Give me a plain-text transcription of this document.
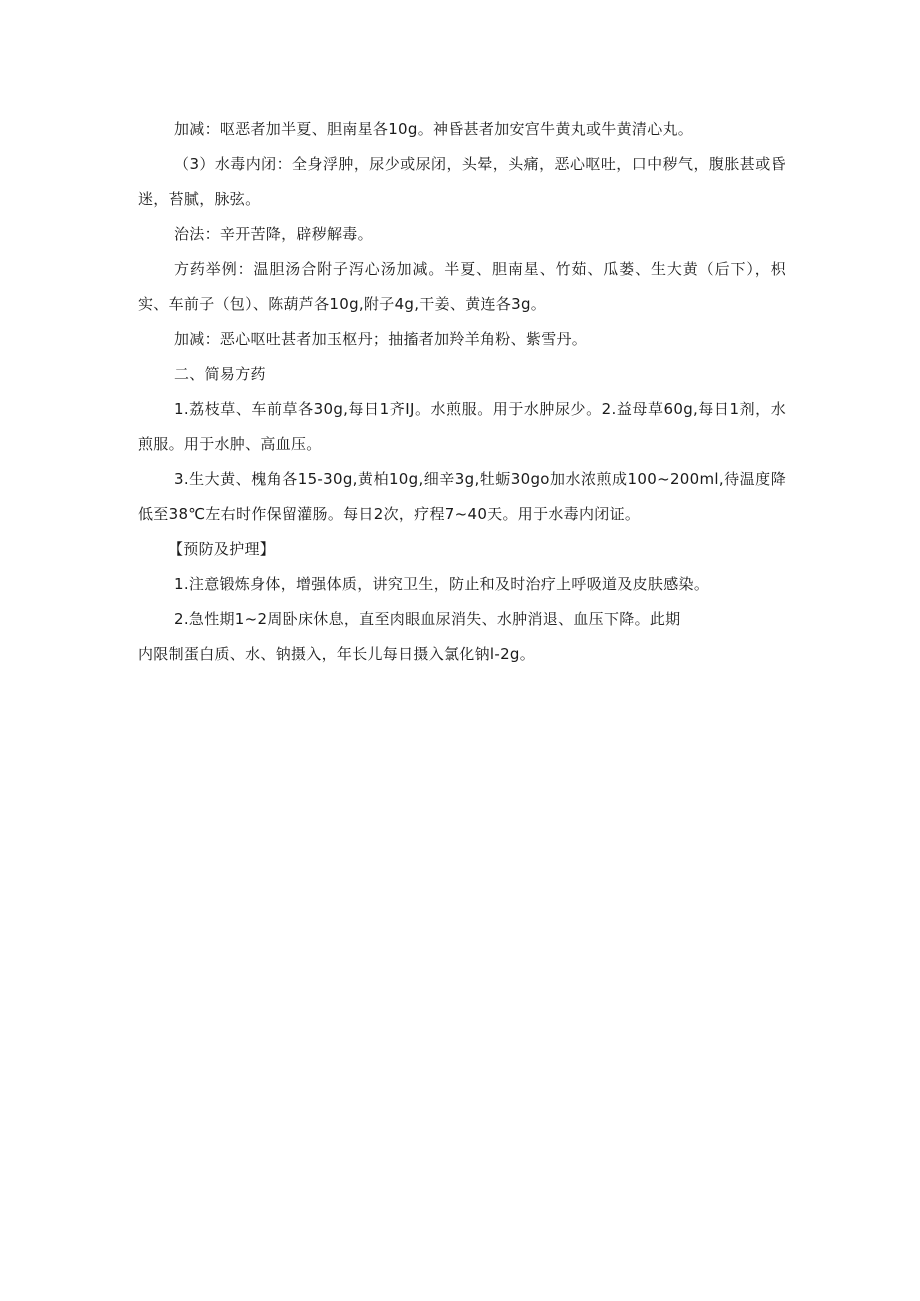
加减：呕恶者加半夏、胆南星各10g。神昏甚者加安宫牛黄丸或牛黄清心丸。

（3）水毒内闭：全身浮肿，尿少或尿闭，头晕，头痛，恶心呕吐，口中秽气，腹胀甚或昏迷，苔腻，脉弦。

治法：辛开苦降，辟秽解毒。

方药举例：温胆汤合附子泻心汤加减。半夏、胆南星、竹茹、瓜蒌、生大黄（后下），枳实、车前子（包）、陈葫芦各10g,附子4g,干姜、黄连各3g。

加减：恶心呕吐甚者加玉枢丹；抽搐者加羚羊角粉、紫雪丹。

二、简易方药

1.荔枝草、车前草各30g,每日1齐IJ。水煎服。用于水肿尿少。2.益母草60g,每日1剂，水煎服。用于水肿、高血压。

3.生大黄、槐角各15-30g,黄柏10g,细辛3g,牡蛎30go加水浓煎成100~200ml,待温度降低至38℃左右时作保留灌肠。每日2次，疗程7~40天。用于水毒内闭证。

【预防及护理】

1.注意锻炼身体，增强体质，讲究卫生，防止和及时治疗上呼吸道及皮肤感染。

2.急性期1~2周卧床休息，直至肉眼血尿消失、水肿消退、血压下降。此期
内限制蛋白质、水、钠摄入，年长儿每日摄入氯化钠l-2g。
